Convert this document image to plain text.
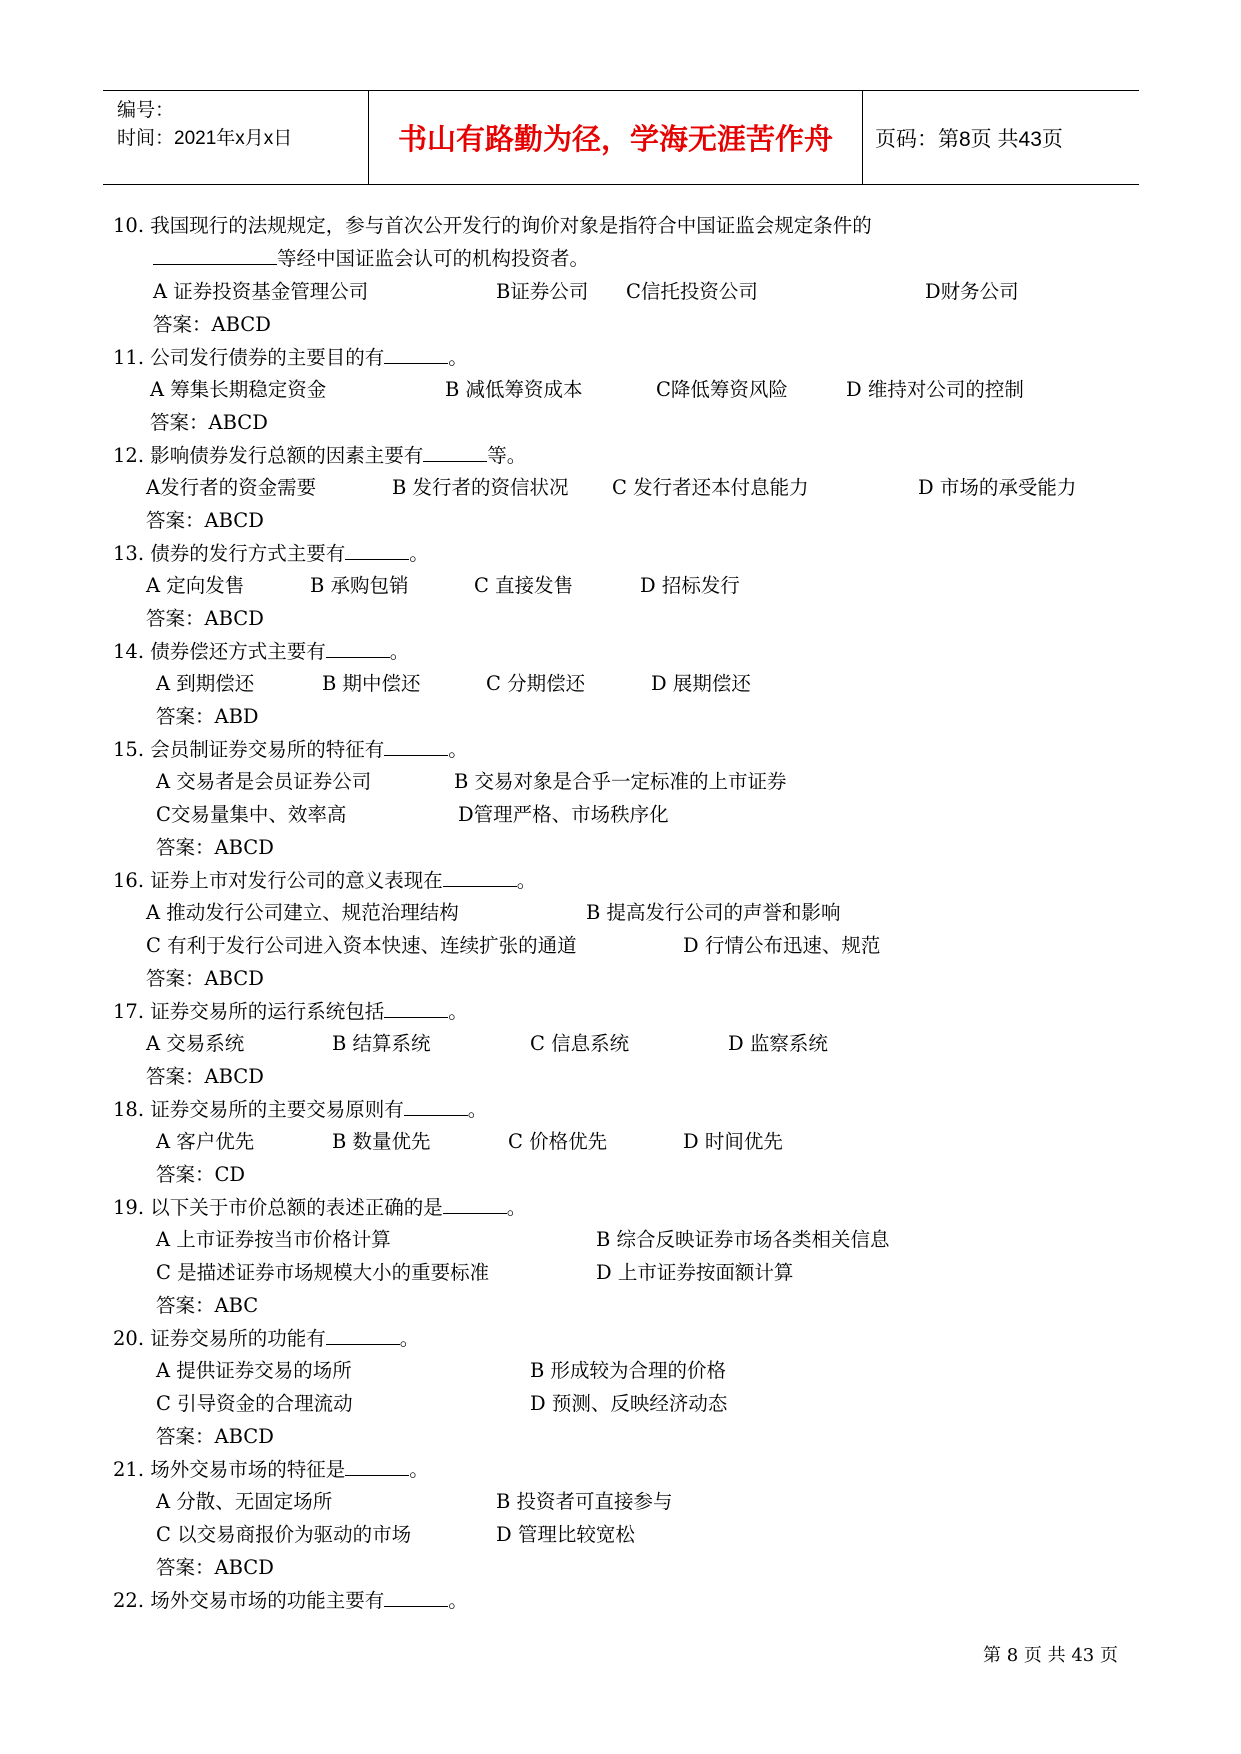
编号：
时间：2021年x月x日	书山有路勤为径，学海无涯苦作舟	页码：第8页 共43页
10. 我国现行的法规规定，参与首次公开发行的询价对象是指符合中国证监会规定条件的
等经中国证监会认可的机构投资者。
A 证券投资基金管理公司	B证券公司 C信托投资公司	D财务公司
答案：ABCD
11. 公司发行债券的主要目的有	。
A 筹集长期稳定资金	B 减低筹资成本	C降低筹资风险	D 维持对公司的控制
答案：ABCD
12. 影响债券发行总额的因素主要有	等。
A发行者的资金需要	B 发行者的资信状况 C 发行者还本付息能力	D 市场的承受能力
答案：ABCD
13. 债券的发行方式主要有	。
A 定向发售	B 承购包销	C 直接发售	D 招标发行
答案：ABCD
14. 债券偿还方式主要有	。
A 到期偿还	B 期中偿还	C 分期偿还	D 展期偿还
答案：ABD
15. 会员制证券交易所的特征有	。
A 交易者是会员证券公司	B 交易对象是合乎一定标准的上市证券
C交易量集中、效率高	D管理严格、市场秩序化
答案：ABCD
16. 证券上市对发行公司的意义表现在	。
A 推动发行公司建立、规范治理结构	B 提高发行公司的声誉和影响
C 有利于发行公司进入资本快速、连续扩张的通道	D 行情公布迅速、规范
答案：ABCD
17. 证券交易所的运行系统包括	。
A 交易系统	B 结算系统	C 信息系统	D 监察系统
答案：ABCD
18. 证券交易所的主要交易原则有	。
A 客户优先	B 数量优先	C 价格优先	D 时间优先
答案：CD
19. 以下关于市价总额的表述正确的是	。
A 上市证券按当市价格计算	B 综合反映证券市场各类相关信息
C 是描述证券市场规模大小的重要标准	D 上市证券按面额计算
答案：ABC
20. 证券交易所的功能有	。
A 提供证券交易的场所	B 形成较为合理的价格
C 引导资金的合理流动	D 预测、反映经济动态
答案：ABCD
21. 场外交易市场的特征是	。
A 分散、无固定场所	B 投资者可直接参与
C 以交易商报价为驱动的市场	D 管理比较宽松
答案：ABCD
22. 场外交易市场的功能主要有	。
第 8 页 共 43 页
